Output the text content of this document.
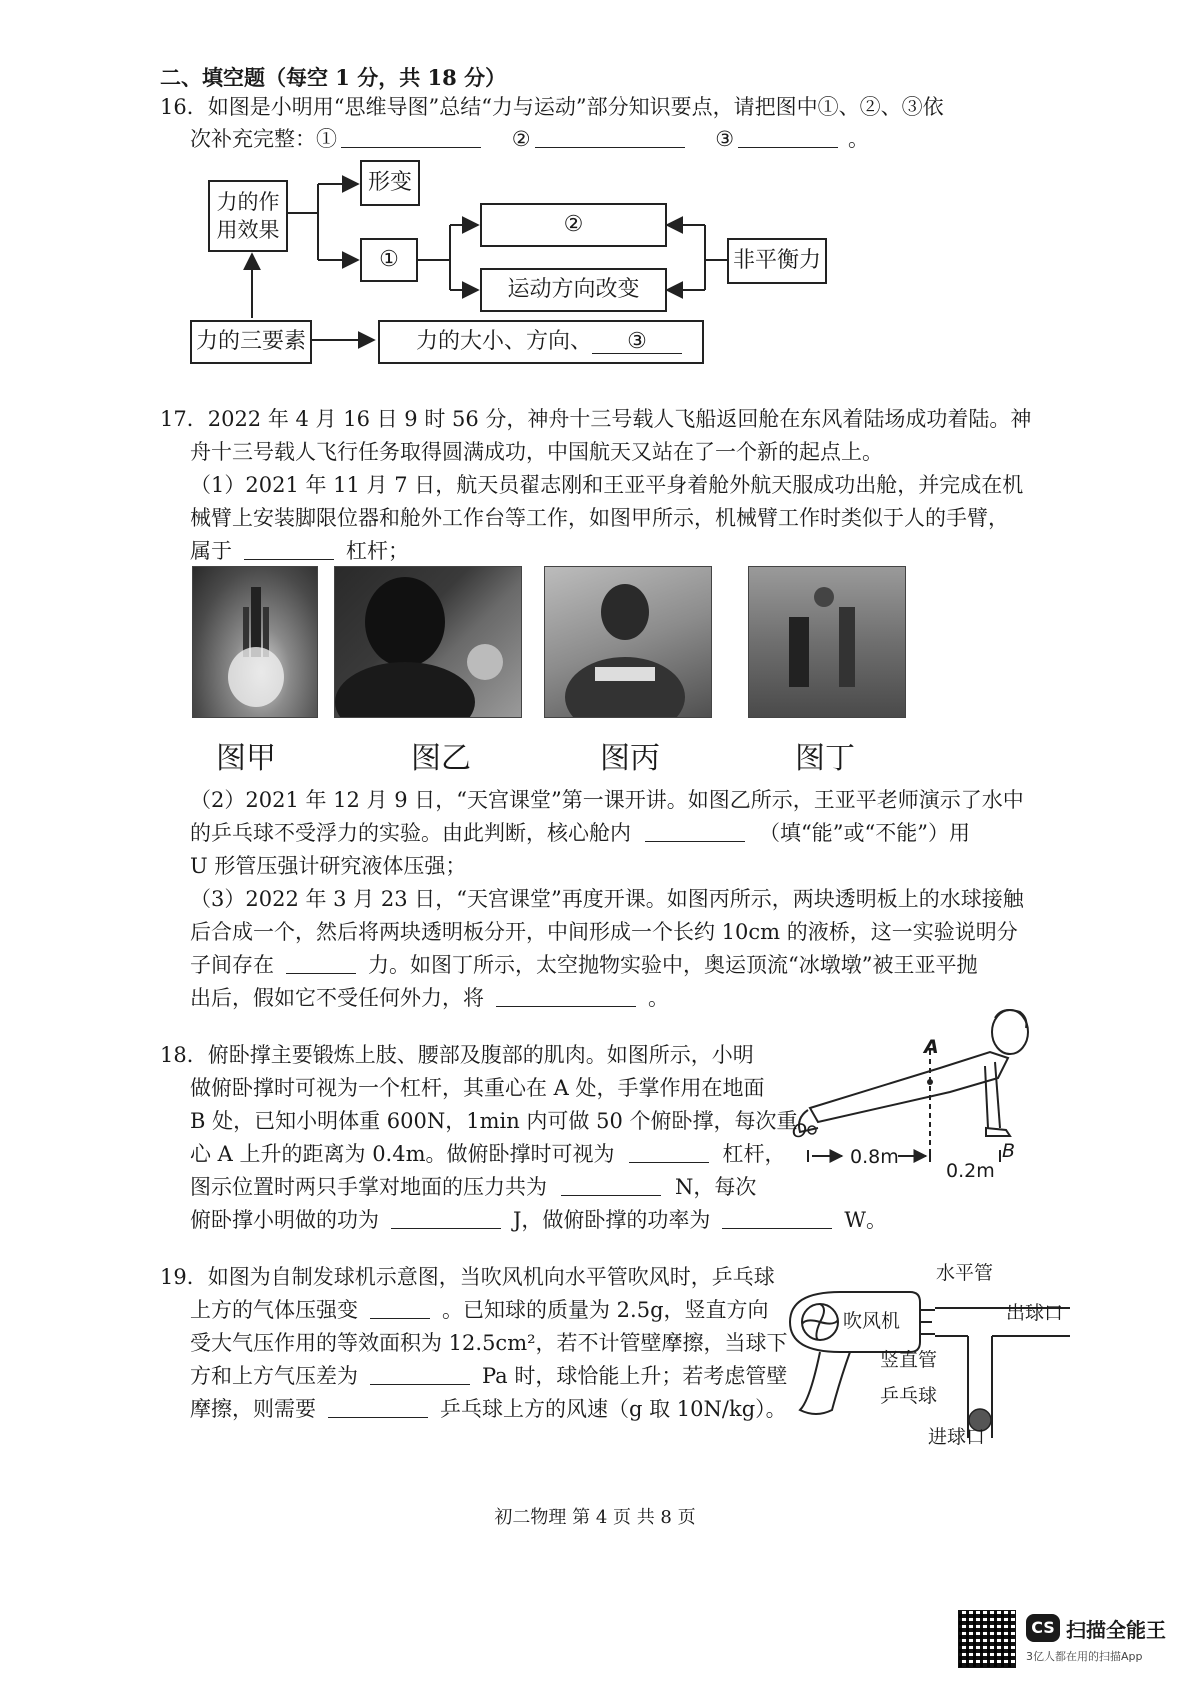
二、填空题（每空 1 分，共 18 分）
16．如图是小明用“思维导图”总结“力与运动”部分知识要点，请把图中①、②、③依
次补充完整：①	②	③	。
力的作用效果
形变
①
②
运动方向改变
非平衡力
力的三要素	力的大小、方向、	③
17．2022 年 4 月 16 日 9 时 56 分，神舟十三号载人飞船返回舱在东风着陆场成功着陆。神
舟十三号载人飞行任务取得圆满成功，中国航天又站在了一个新的起点上。
（1）2021 年 11 月 7 日，航天员翟志刚和王亚平身着舱外航天服成功出舱，并完成在机
械臂上安装脚限位器和舱外工作台等工作，如图甲所示，机械臂工作时类似于人的手臂，
属于	杠杆；
图甲	图乙	图丙	图丁
（2）2021 年 12 月 9 日，“天宫课堂”第一课开讲。如图乙所示，王亚平老师演示了水中
的乒乓球不受浮力的实验。由此判断，核心舱内	（填“能”或“不能”）用
U 形管压强计研究液体压强；
（3）2022 年 3 月 23 日，“天宫课堂”再度开课。如图丙所示，两块透明板上的水球接触
后合成一个，然后将两块透明板分开，中间形成一个长约 10cm 的液桥，这一实验说明分
子间存在	力。如图丁所示，太空抛物实验中，奥运顶流“冰墩墩”被王亚平抛
出后，假如它不受任何外力，将	。
18．俯卧撑主要锻炼上肢、腰部及腹部的肌肉。如图所示，小明
做俯卧撑时可视为一个杠杆，其重心在 A 处，手掌作用在地面
B 处，已知小明体重 600N，1min 内可做 50 个俯卧撑，每次重
心 A 上升的距离为 0.4m。做俯卧撑时可视为	杠杆，
图示位置时两只手掌对地面的压力共为	N，每次
俯卧撑小明做的功为	J，做俯卧撑的功率为	W。
A
O
B
0.8m
0.2m
19．如图为自制发球机示意图，当吹风机向水平管吹风时，乒乓球
上方的气体压强变	。已知球的质量为 2.5g，竖直方向
受大气压作用的等效面积为 12.5cm²，若不计管壁摩擦，当球下
方和上方气压差为	Pa 时，球恰能上升；若考虑管壁
摩擦，则需要	乒乓球上方的风速（g 取 10N/kg）。
水平管
出球口
吹风机
竖直管
乒乓球
进球口
初二物理 第 4 页 共 8 页
CS 扫描全能王
3亿人都在用的扫描App
